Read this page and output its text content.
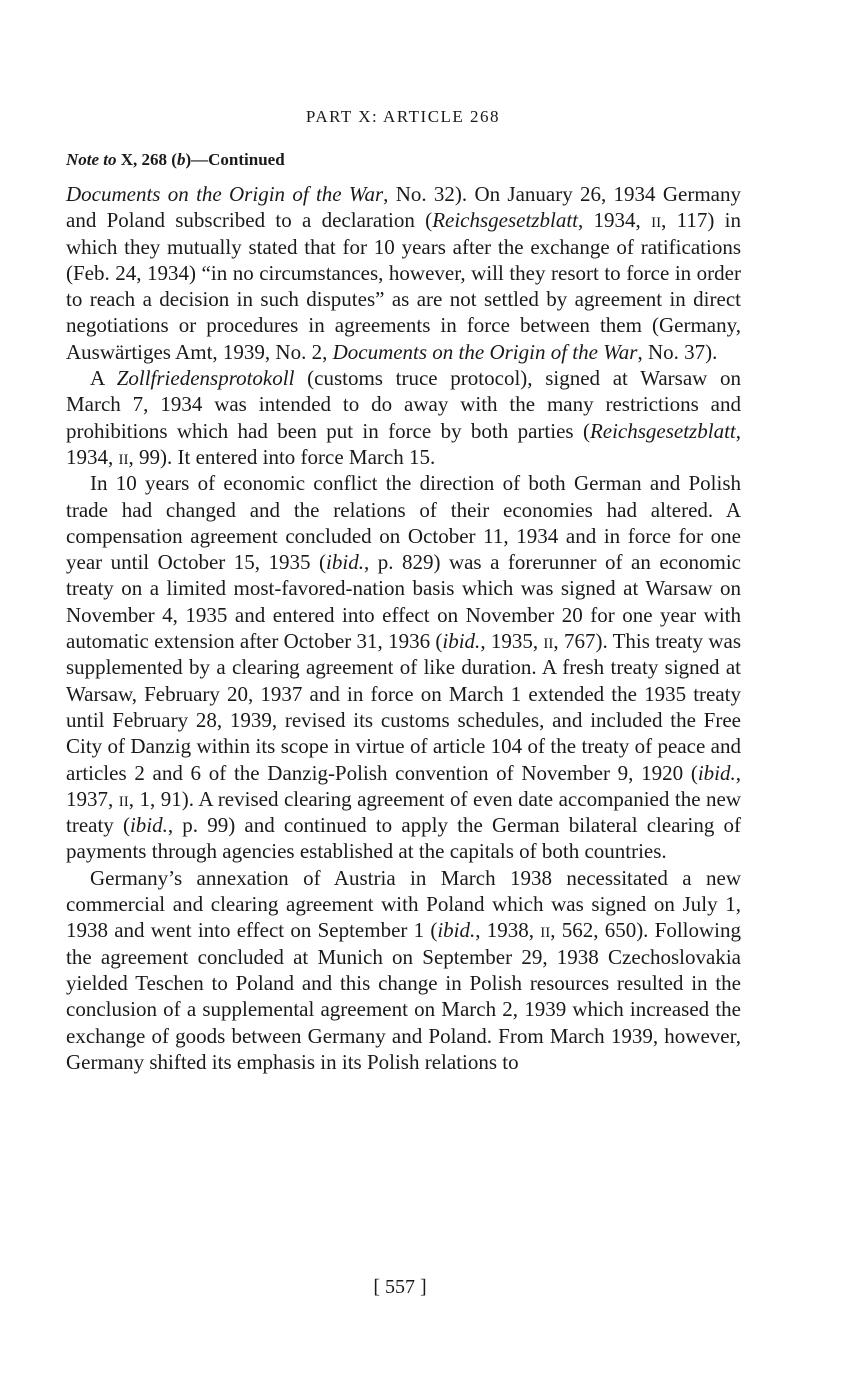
PART X: ARTICLE 268
Note to X, 268 (b)—Continued

Documents on the Origin of the War, No. 32). On January 26, 1934 Germany and Poland subscribed to a declaration (Reichsgesetzblatt, 1934, ii, 117) in which they mutually stated that for 10 years after the exchange of ratifications (Feb. 24, 1934) “in no circumstances, however, will they resort to force in order to reach a decision in such disputes” as are not settled by agreement in direct negotiations or procedures in agreements in force between them (Germany, Auswärtiges Amt, 1939, No. 2, Documents on the Origin of the War, No. 37).

A Zollfriedensprotokoll (customs truce protocol), signed at Warsaw on March 7, 1934 was intended to do away with the many restrictions and prohibitions which had been put in force by both parties (Reichsgesetzblatt, 1934, ii, 99). It entered into force March 15.

In 10 years of economic conflict the direction of both German and Polish trade had changed and the relations of their economies had altered. A compensation agreement concluded on October 11, 1934 and in force for one year until October 15, 1935 (ibid., p. 829) was a forerunner of an economic treaty on a limited most-favored-nation basis which was signed at Warsaw on November 4, 1935 and entered into effect on November 20 for one year with automatic extension after October 31, 1936 (ibid., 1935, ii, 767). This treaty was supplemented by a clearing agreement of like duration. A fresh treaty signed at Warsaw, February 20, 1937 and in force on March 1 extended the 1935 treaty until February 28, 1939, revised its customs schedules, and included the Free City of Danzig within its scope in virtue of article 104 of the treaty of peace and articles 2 and 6 of the Danzig-Polish convention of November 9, 1920 (ibid., 1937, ii, 1, 91). A revised clearing agreement of even date accompanied the new treaty (ibid., p. 99) and continued to apply the German bilateral clearing of payments through agencies established at the capitals of both countries.

Germany’s annexation of Austria in March 1938 necessitated a new commercial and clearing agreement with Poland which was signed on July 1, 1938 and went into effect on September 1 (ibid., 1938, ii, 562, 650). Following the agreement concluded at Munich on September 29, 1938 Czechoslovakia yielded Teschen to Poland and this change in Polish resources resulted in the conclusion of a supplemental agreement on March 2, 1939 which increased the exchange of goods between Germany and Poland. From March 1939, however, Germany shifted its emphasis in its Polish relations to

[ 557 ]
